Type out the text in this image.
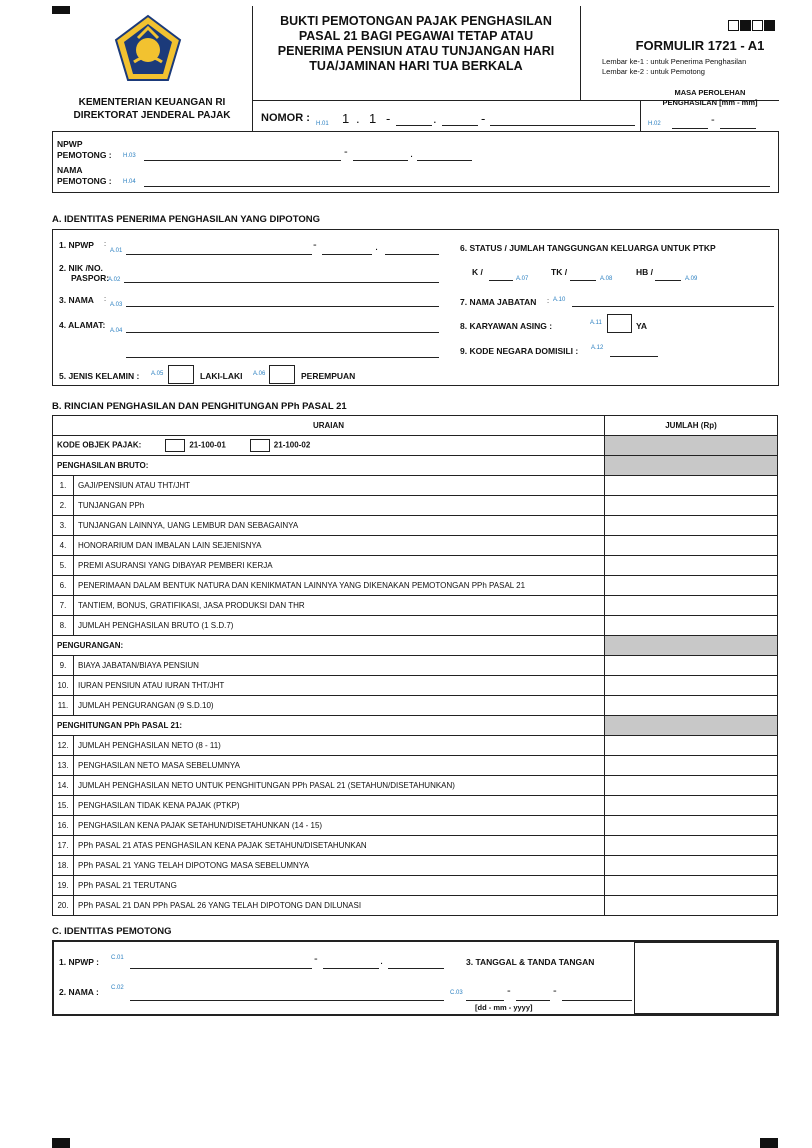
BUKTI PEMOTONGAN PAJAK PENGHASILAN
PASAL 21 BAGI PEGAWAI TETAP ATAU
PENERIMA PENSIUN ATAU TUNJANGAN HARI
TUA/JAMINAN HARI TUA BERKALA
KEMENTERIAN KEUANGAN RI
DIREKTORAT JENDERAL PAJAK
FORMULIR 1721 - A1
Lembar ke-1 : untuk Penerima Penghasilan
Lembar ke-2 : untuk Pemotong
MASA PEROLEHAN
PENGHASILAN [mm - mm]
H.02	-
NOMOR : H.01 1 . 1 -	.	-
NPWP
PEMOTONG : H.03	-	.
NAMA
PEMOTONG : H.04
A. IDENTITAS PENERIMA PENGHASILAN YANG DIPOTONG
1. NPWP :
A.01	-	.
2. NIK /NO.
PASPOR:
A.02
3. NAMA :
A.03
4. ALAMAT:
A.04
5. JENIS KELAMIN : A.05	LAKI-LAKI A.06	PEREMPUAN
6. STATUS / JUMLAH TANGGUNGAN KELUARGA UNTUK PTKP
K /
A.07
TK /
A.08
HB /
A.09
7. NAMA JABATAN : A.10
8. KARYAWAN ASING :	A.11	YA
9. KODE NEGARA DOMISILI : A.12
B. RINCIAN PENGHASILAN DAN PENGHITUNGAN PPh PASAL 21
URAIAN		JUMLAH (Rp)
KODE OBJEK PAJAK: 21-100-01 21-100-02		
PENGHASILAN BRUTO:		
1.	GAJI/PENSIUN ATAU THT/JHT	
2.	TUNJANGAN PPh	
3.	TUNJANGAN LAINNYA, UANG LEMBUR DAN SEBAGAINYA	
4.	HONORARIUM DAN IMBALAN LAIN SEJENISNYA	
5.	PREMI ASURANSI YANG DIBAYAR PEMBERI KERJA	
6.	PENERIMAAN DALAM BENTUK NATURA DAN KENIKMATAN LAINNYA YANG DIKENAKAN PEMOTONGAN PPh PASAL 21	
7.	TANTIEM, BONUS, GRATIFIKASI, JASA PRODUKSI DAN THR	
8.	JUMLAH PENGHASILAN BRUTO (1 S.D.7)	
PENGURANGAN:		
9.	BIAYA JABATAN/BIAYA PENSIUN	
10.	IURAN PENSIUN ATAU IURAN THT/JHT	
11.	JUMLAH PENGURANGAN (9 S.D.10)	
PENGHITUNGAN PPh PASAL 21:		
12.	JUMLAH PENGHASILAN NETO (8 - 11)	
13.	PENGHASILAN NETO MASA SEBELUMNYA	
14.	JUMLAH PENGHASILAN NETO UNTUK PENGHITUNGAN PPh PASAL 21 (SETAHUN/DISETAHUNKAN)	
15.	PENGHASILAN TIDAK KENA PAJAK (PTKP)	
16.	PENGHASILAN KENA PAJAK SETAHUN/DISETAHUNKAN (14 - 15)	
17.	PPh PASAL 21 ATAS PENGHASILAN KENA PAJAK SETAHUN/DISETAHUNKAN	
18.	PPh PASAL 21 YANG TELAH DIPOTONG MASA SEBELUMNYA	
19.	PPh PASAL 21 TERUTANG	
20.	PPh PASAL 21 DAN PPh PASAL 26 YANG TELAH DIPOTONG DAN DILUNASI	
C. IDENTITAS PEMOTONG
1. NPWP : C.01	-	.
2. NAMA : C.02
3. TANGGAL & TANDA TANGAN
C.03	-	-
[dd - mm - yyyy]
